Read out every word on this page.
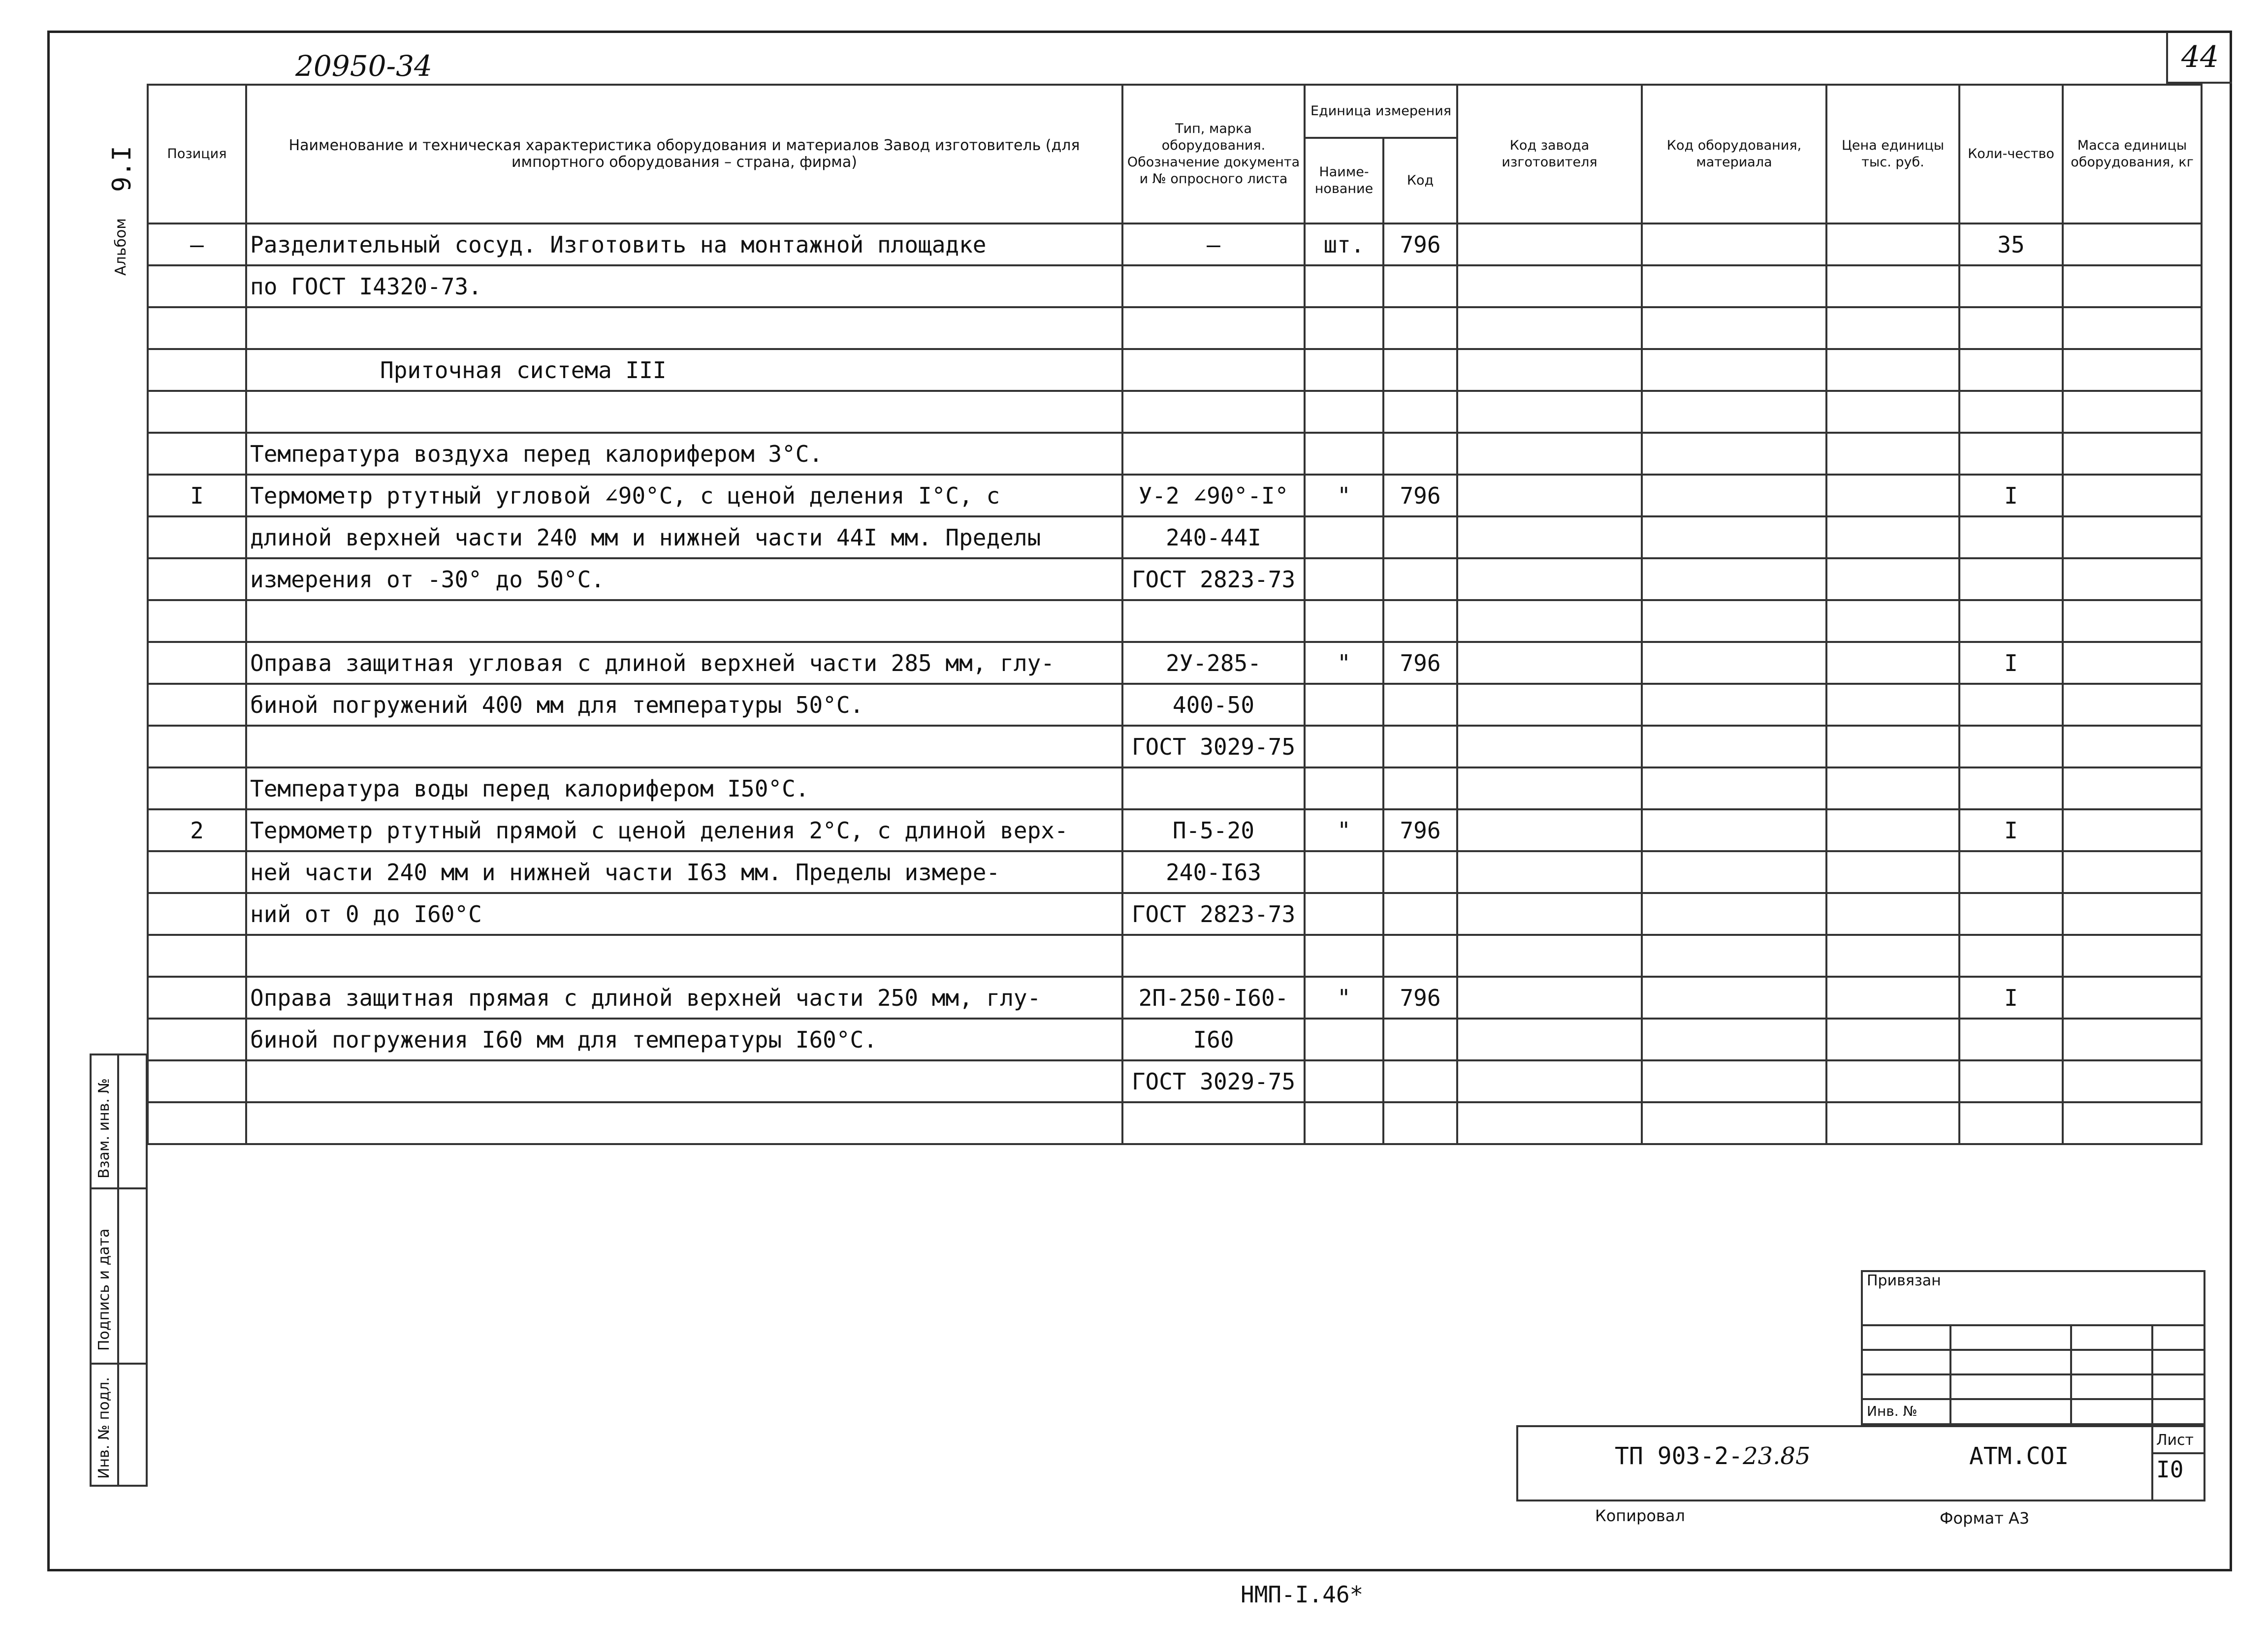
20950-34	44
Альбом
9.I Позиция	Наименование и техническая характеристика оборудования и материалов Завод изготовитель (для импортного оборудования – страна, фирма)	Тип, марка оборудования. Обозначение документа и № опросного листа	Единица измерения		Код завода изготовителя	Код оборудования, материала	Цена единицы тыс. руб.	Коли-чество	Масса единицы оборудования, кг
			Наиме-нование	Код					
–	Разделительный сосуд. Изготовить на монтажной площадке	–	шт.	796				35	
	по ГОСТ I4320-73.								

	Приточная система III								

	Температура воздуха перед калорифером 3°С.								
I	Термометр ртутный угловой ∠90°С, с ценой деления I°С, с	У-2 ∠90°-I°	"	796				I	
	длиной верхней части 240 мм и нижней части 44I мм. Пределы	240-44I							
	измерения от -30° до 50°С.	ГОСТ 2823-73							

	Оправа защитная угловая с длиной верхней части 285 мм, глу-	2У-285-	"	796				I	
	биной погружений 400 мм для температуры 50°С.	400-50							
		ГОСТ 3029-75							
	Температура воды перед калорифером I50°С.								
2	Термометр ртутный прямой с ценой деления 2°С, с длиной верх-	П-5-20	"	796				I	
	ней части 240 мм и нижней части I63 мм. Пределы измере-	240-I63							
	ний от 0 до I60°С	ГОСТ 2823-73							

	Оправа защитная прямая с длиной верхней части 250 мм, глу-	2П-250-I60-	"	796				I	
	биной погружения I60 мм для температуры I60°С.	I60							
		ГОСТ 3029-75							

Взам. инв. №
Подпись и дата
Инв. № подл.
Привязан
Инв. №
ТП 903-2-23.85	АТМ.СОI
Лист
I0
Копировал	Формат А3
НМП-I.46*
